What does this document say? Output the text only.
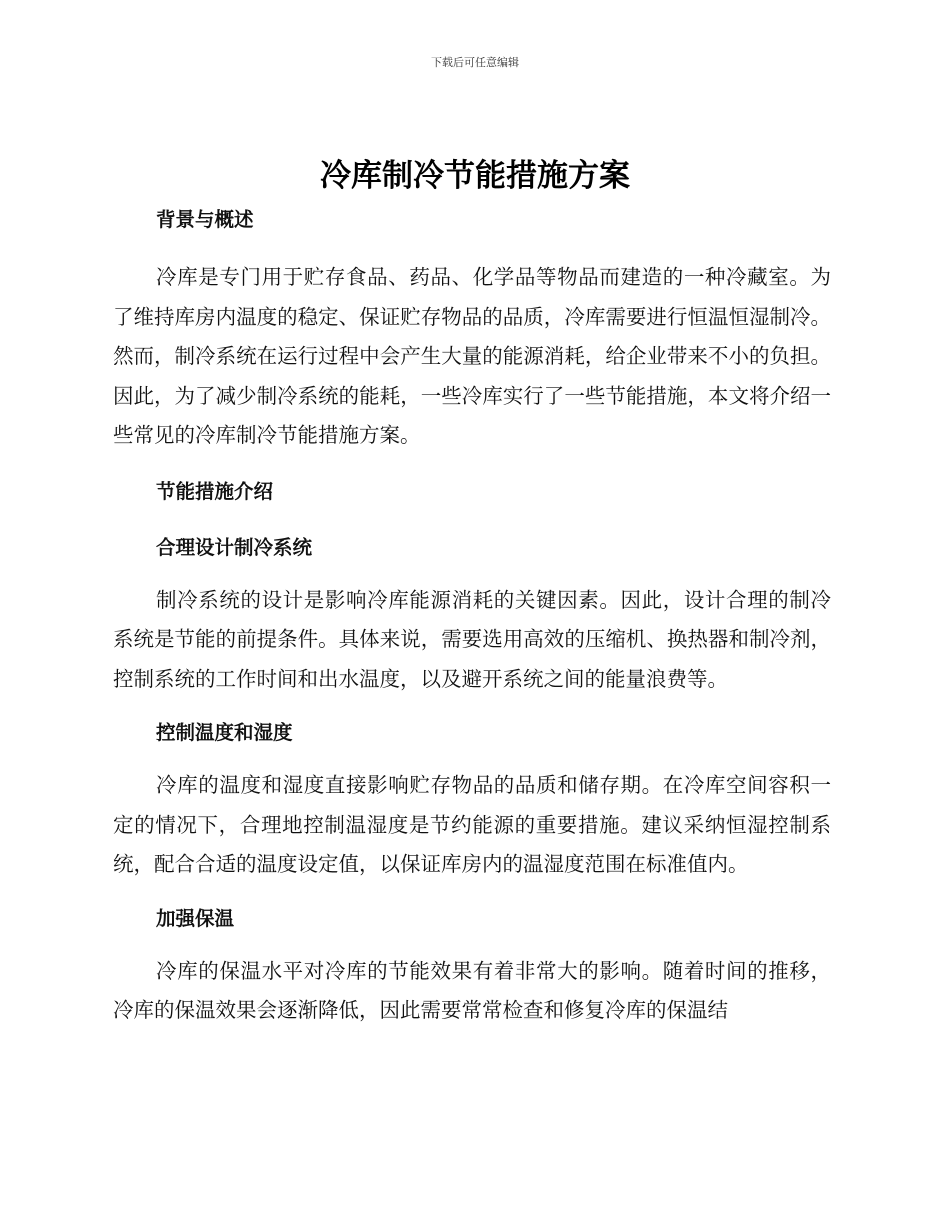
下载后可任意编辑
冷库制冷节能措施方案

背景与概述

冷库是专门用于贮存食品、药品、化学品等物品而建造的一种冷藏室。为了维持库房内温度的稳定、保证贮存物品的品质，冷库需要进行恒温恒湿制冷。然而，制冷系统在运行过程中会产生大量的能源消耗，给企业带来不小的负担。因此，为了减少制冷系统的能耗，一些冷库实行了一些节能措施，本文将介绍一些常见的冷库制冷节能措施方案。

节能措施介绍

合理设计制冷系统

制冷系统的设计是影响冷库能源消耗的关键因素。因此，设计合理的制冷系统是节能的前提条件。具体来说，需要选用高效的压缩机、换热器和制冷剂，控制系统的工作时间和出水温度，以及避开系统之间的能量浪费等。

控制温度和湿度

冷库的温度和湿度直接影响贮存物品的品质和储存期。在冷库空间容积一定的情况下，合理地控制温湿度是节约能源的重要措施。建议采纳恒湿控制系统，配合合适的温度设定值，以保证库房内的温湿度范围在标准值内。

加强保温

冷库的保温水平对冷库的节能效果有着非常大的影响。随着时间的推移，冷库的保温效果会逐渐降低，因此需要常常检查和修复冷库的保温结
